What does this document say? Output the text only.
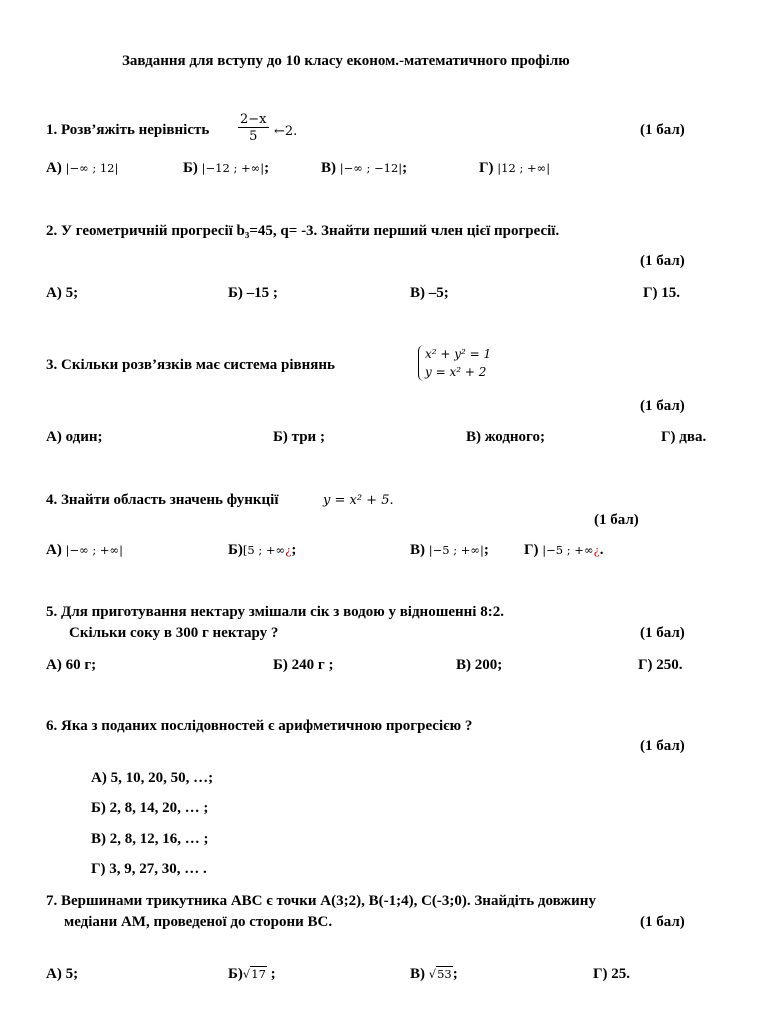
Завдання для вступу до 10 класу економ.-математичного профілю
1. Розв’яжіть нерівність $\frac{2-x}{5}$ ←2.	(1 бал)
А) |−∞ ; 12|	Б) |−12 ; +∞|;	В) |−∞ ; −12|;	Г) |12 ; +∞|
2. У геометричній прогресії b₃=45, q= -3. Знайти перший член цієї прогресії.
(1 бал)
А) 5;	Б) –15 ;	В) –5;	Г) 15.
3. Скільки розв’язків має система рівнянь
x² + y² = 1
y = x² + 2
(1 бал)
А) один;	Б) три ;	В) жодного;	Г) два.
4. Знайти область значень функції	y = x² + 5.
(1 бал)
А) |−∞ ; +∞|	Б)[5 ; +∞¿;	В) |−5 ; +∞|; Г) |−5 ; +∞¿.
5. Для приготування нектару змішали сік з водою у відношенні 8:2.
Скільки соку в 300 г нектару ?	(1 бал)
А) 60 г;	Б) 240 г ;	В) 200;	Г) 250.
6. Яка з поданих послідовностей є арифметичною прогресією ?
(1 бал)
А) 5, 10, 20, 50, …;
Б) 2, 8, 14, 20, … ;
В) 2, 8, 12, 16, … ;
Г) 3, 9, 27, 30, … .
7. Вершинами трикутника АВС є точки А(3;2), В(-1;4), С(-3;0). Знайдіть довжину
медіани АМ, проведеної до сторони ВС.	(1 бал)
А) 5;	Б)√17 ;	В) √53;	Г) 25.
